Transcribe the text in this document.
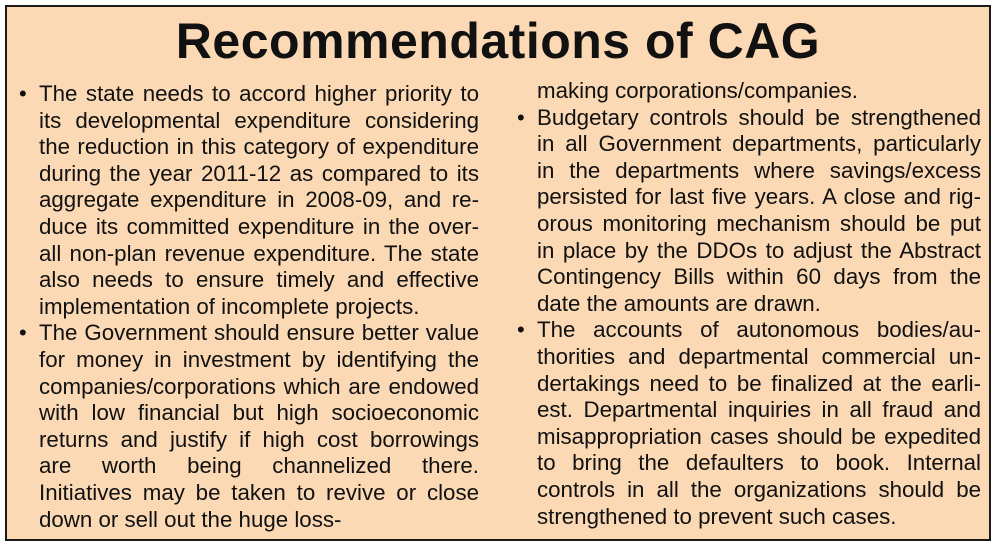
Recommendations of CAG
• The state needs to accord higher priority to its developmental expenditure considering the reduction in this category of expenditure during the year 2011-12 as compared to its aggregate expenditure in 2008-09, and reduce its committed expenditure in the overall non-plan revenue expenditure. The state also needs to ensure timely and effective implementation of incomplete projects.
• The Government should ensure better value for money in investment by identifying the companies/corporations which are endowed with low financial but high socioeconomic returns and justify if high cost borrowings are worth being channelized there. Initiatives may be taken to revive or close down or sell out the huge loss-
making corporations/companies.
• Budgetary controls should be strengthened in all Government departments, particularly in the departments where savings/excess persisted for last five years. A close and rigorous monitoring mechanism should be put in place by the DDOs to adjust the Abstract Contingency Bills within 60 days from the date the amounts are drawn.
• The accounts of autonomous bodies/authorities and departmental commercial undertakings need to be finalized at the earliest. Departmental inquiries in all fraud and misappropriation cases should be expedited to bring the defaulters to book. Internal controls in all the organizations should be strengthened to prevent such cases.
